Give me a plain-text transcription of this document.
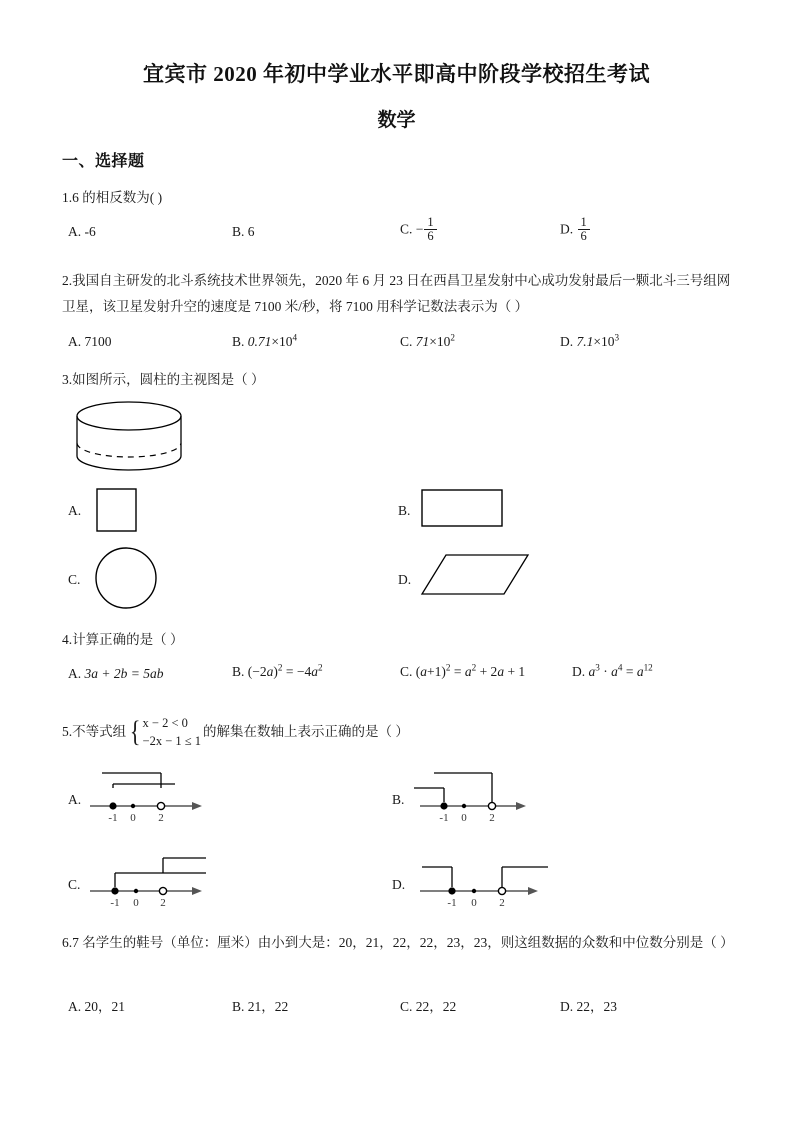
宜宾市 2020 年初中学业水平即高中阶段学校招生考试
数学
一、选择题
1.6 的相反数为( )
A. -6	B. 6	C. − $\frac{1}{6}$	D. $\frac{1}{6}$
2.我国自主研发的北斗系统技术世界领先，2020 年 6 月 23 日在西昌卫星发射中心成功发射最后一颗北斗三号组网卫星，该卫星发射升空的速度是 7100 米/秒，将 7100 用科学记数法表示为（ ）
A. 7100	B. $0.71\times 10^4$	C. $71\times 10^2$	D. $7.1\times 10^3$
3.如图所示，圆柱的主视图是（ ）
A.	B.
C.	D.
4.计算正确的是（ ）
A. 3a + 2b = 5ab	B. $(-2a)^2 = -4a^2$	C. $(a+1)^2 = a^2 + 2a + 1$	D. $a^3 \cdot a^4 = a^{12}$
5.不等式组 { x − 2 < 0
−2x − 1 ≤ 1
的解集在数轴上表示正确的是（ ）
A.
-1 0 2
B.
-1 0 2
C.
-1 0 2
D.
-1 0 2
6.7 名学生的鞋号（单位：厘米）由小到大是：20，21，22，22，23，23，则这组数据的众数和中位数分别是（ ）
A. 20，21	B. 21，22	C. 22，22	D. 22，23
